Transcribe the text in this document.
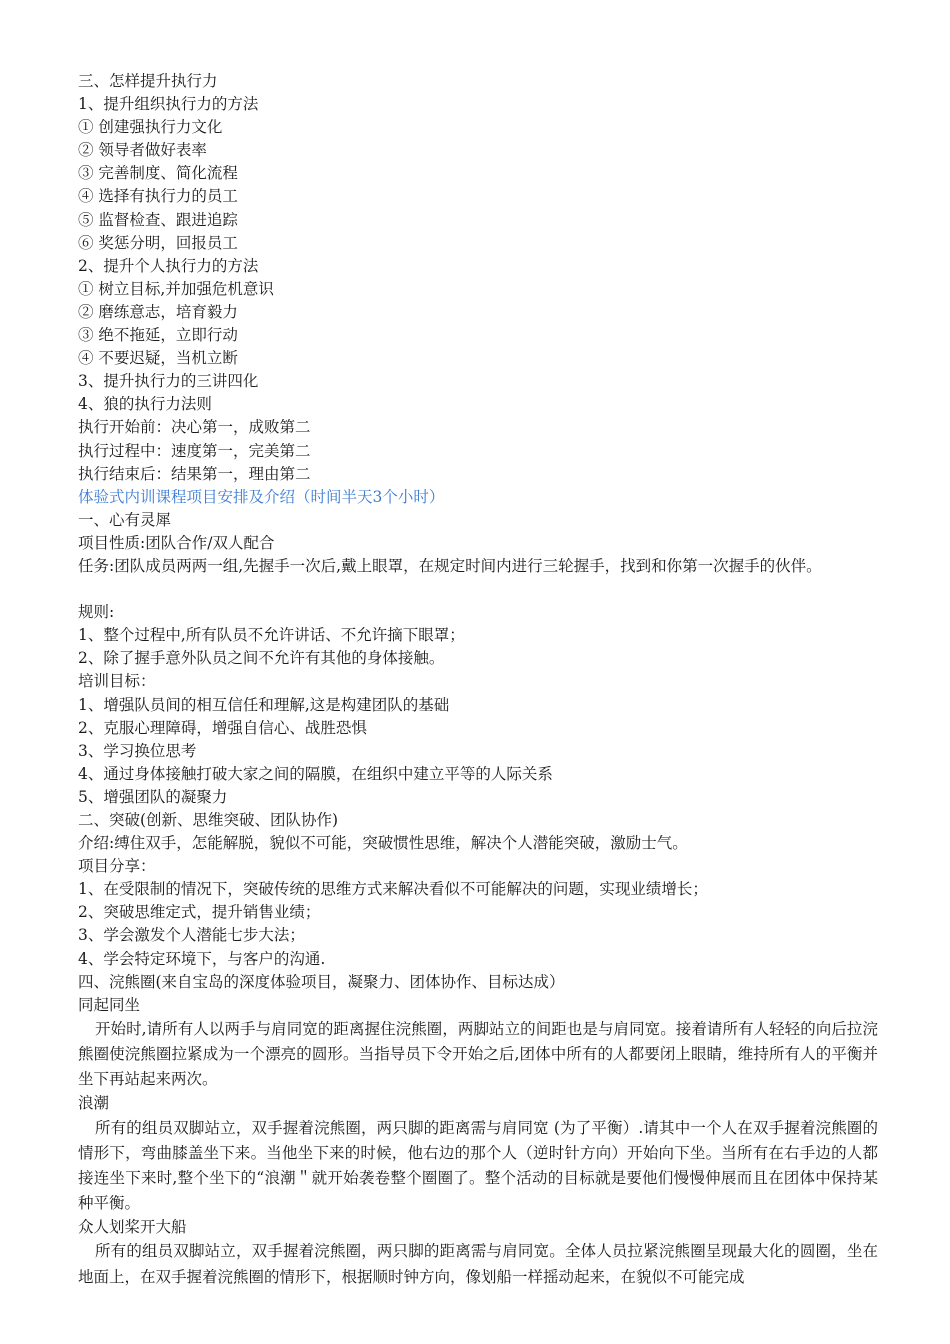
三、怎样提升执行力
1、提升组织执行力的方法
① 创建强执行力文化
② 领导者做好表率
③ 完善制度、简化流程
④ 选择有执行力的员工
⑤ 监督检查、跟进追踪
⑥ 奖惩分明，回报员工
2、提升个人执行力的方法
① 树立目标,并加强危机意识
② 磨练意志，培育毅力
③ 绝不拖延，立即行动
④ 不要迟疑，当机立断
3、提升执行力的三讲四化
4、狼的执行力法则
执行开始前：决心第一，成败第二
执行过程中：速度第一，完美第二
执行结束后：结果第一，理由第二
体验式内训课程项目安排及介绍（时间半天3个小时）
一、心有灵犀
项目性质:团队合作/双人配合
任务:团队成员两两一组,先握手一次后,戴上眼罩，在规定时间内进行三轮握手，找到和你第一次握手的伙伴。
规则:
1、整个过程中,所有队员不允许讲话、不允许摘下眼罩；
2、除了握手意外队员之间不允许有其他的身体接触。
培训目标：
1、增强队员间的相互信任和理解,这是构建团队的基础
2、克服心理障碍，增强自信心、战胜恐惧
3、学习换位思考
4、通过身体接触打破大家之间的隔膜，在组织中建立平等的人际关系
5、增强团队的凝聚力
二、突破(创新、思维突破、团队协作)
介绍:缚住双手，怎能解脱，貌似不可能，突破惯性思维，解决个人潜能突破，激励士气。
项目分享：
1、在受限制的情况下，突破传统的思维方式来解决看似不可能解决的问题，实现业绩增长；
2、突破思维定式，提升销售业绩；
3、学会激发个人潜能七步大法；
4、学会特定环境下，与客户的沟通.
四、浣熊圈(来自宝岛的深度体验项目，凝聚力、团体协作、目标达成）
同起同坐
开始时,请所有人以两手与肩同宽的距离握住浣熊圈，两脚站立的间距也是与肩同宽。接着请所有人轻轻的向后拉浣熊圈使浣熊圈拉紧成为一个漂亮的圆形。当指导员下令开始之后,团体中所有的人都要闭上眼睛，维持所有人的平衡并坐下再站起来两次。
浪潮
所有的组员双脚站立，双手握着浣熊圈，两只脚的距离需与肩同宽 (为了平衡）.请其中一个人在双手握着浣熊圈的情形下，弯曲膝盖坐下来。当他坐下来的时候，他右边的那个人（逆时针方向）开始向下坐。当所有在右手边的人都接连坐下来时,整个坐下的“浪潮＂就开始袭卷整个圈圈了。整个活动的目标就是要他们慢慢伸展而且在团体中保持某种平衡。
众人划桨开大船
所有的组员双脚站立，双手握着浣熊圈，两只脚的距离需与肩同宽。全体人员拉紧浣熊圈呈现最大化的圆圈，坐在地面上，在双手握着浣熊圈的情形下，根据顺时钟方向，像划船一样摇动起来，在貌似不可能完成
